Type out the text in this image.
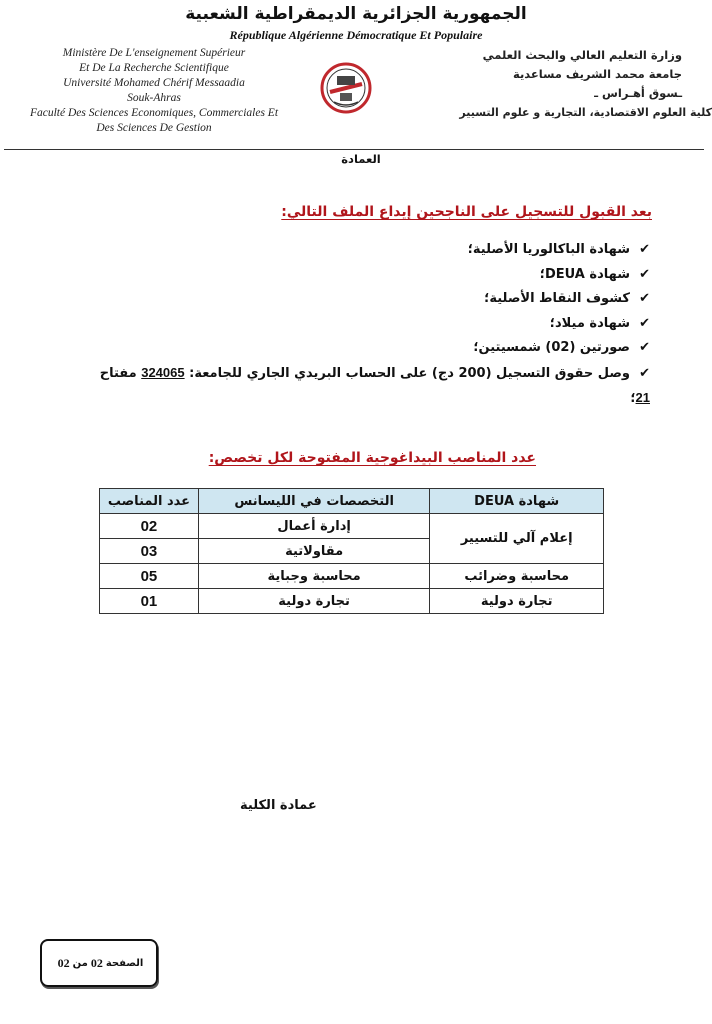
الجمهورية الجزائرية الديمقراطية الشعبية
République Algérienne Démocratique Et Populaire
Ministère De L'enseignement Supérieur
Et De La Recherche Scientifique
Université Mohamed Chérif Messaadia
Souk-Ahras
Faculté Des Sciences Economiques, Commerciales Et
Des Sciences De Gestion
وزارة التعليم العالي والبحث العلمي
جامعة محمد الشريف مساعدية
ـسوق أهـراس ـ
كلية العلوم الاقتصادية، التجارية و علوم التسيير
العمادة
بعد القبول للتسجيل على الناجحين إيداع الملف التالي:
✔شهادة الباكالوريا الأصلية؛
✔شهادة DEUA؛
✔كشوف النقاط الأصلية؛
✔شهادة ميلاد؛
✔صورتين (02) شمسيتين؛
✔وصل حقوق التسجيل (200 دج) على الحساب البريدي الجاري للجامعة: 324065 مفتاح 21؛
عدد المناصب البيداغوجية المفتوحة لكل تخصص:
شهادة DEUA	التخصصات في الليسانس	عدد المناصب
إعلام آلي للتسيير	إدارة أعمال	02
	مقاولاتية	03
محاسبة وضرائب	محاسبة وجباية	05
تجارة دولية	تجارة دولية	01
عمادة الكلية
الصفحة
02
من
02
